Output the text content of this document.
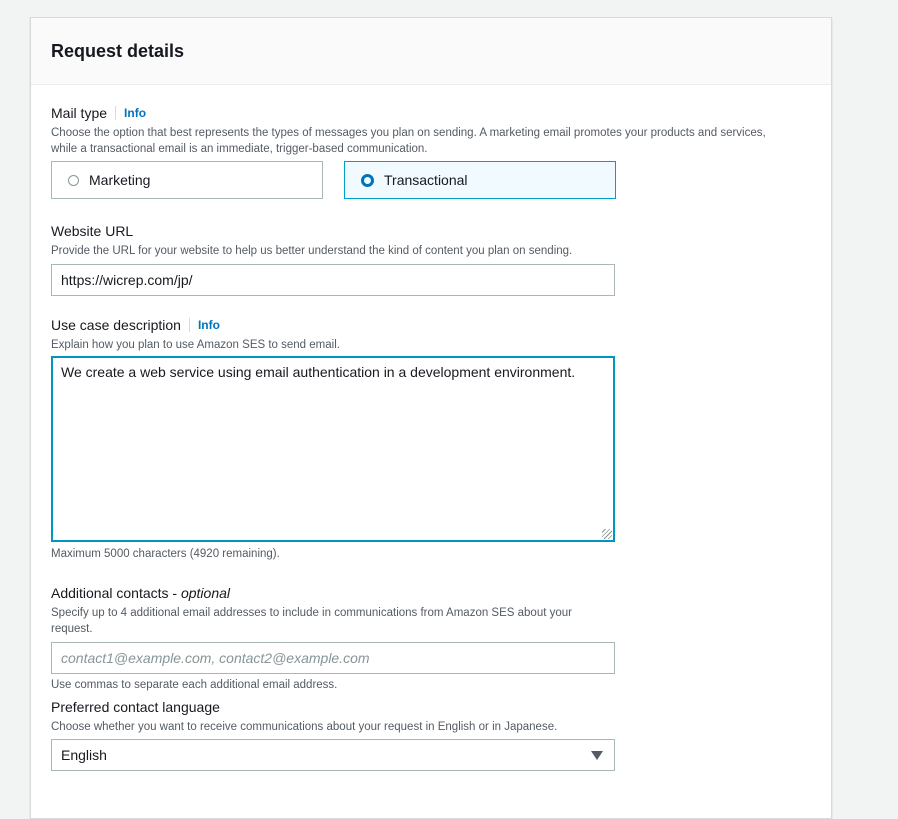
Request details
Mail type	Info
Choose the option that best represents the types of messages you plan on sending. A marketing email promotes your products and services, while a transactional email is an immediate, trigger-based communication.
Marketing	Transactional
Website URL
Provide the URL for your website to help us better understand the kind of content you plan on sending.
https://wicrep.com/jp/
Use case description	Info
Explain how you plan to use Amazon SES to send email.
We create a web service using email authentication in a development environment.
Maximum 5000 characters (4920 remaining).
Additional contacts - optional
Specify up to 4 additional email addresses to include in communications from Amazon SES about your request.
contact1@example.com, contact2@example.com
Use commas to separate each additional email address.
Preferred contact language
Choose whether you want to receive communications about your request in English or in Japanese.
English
